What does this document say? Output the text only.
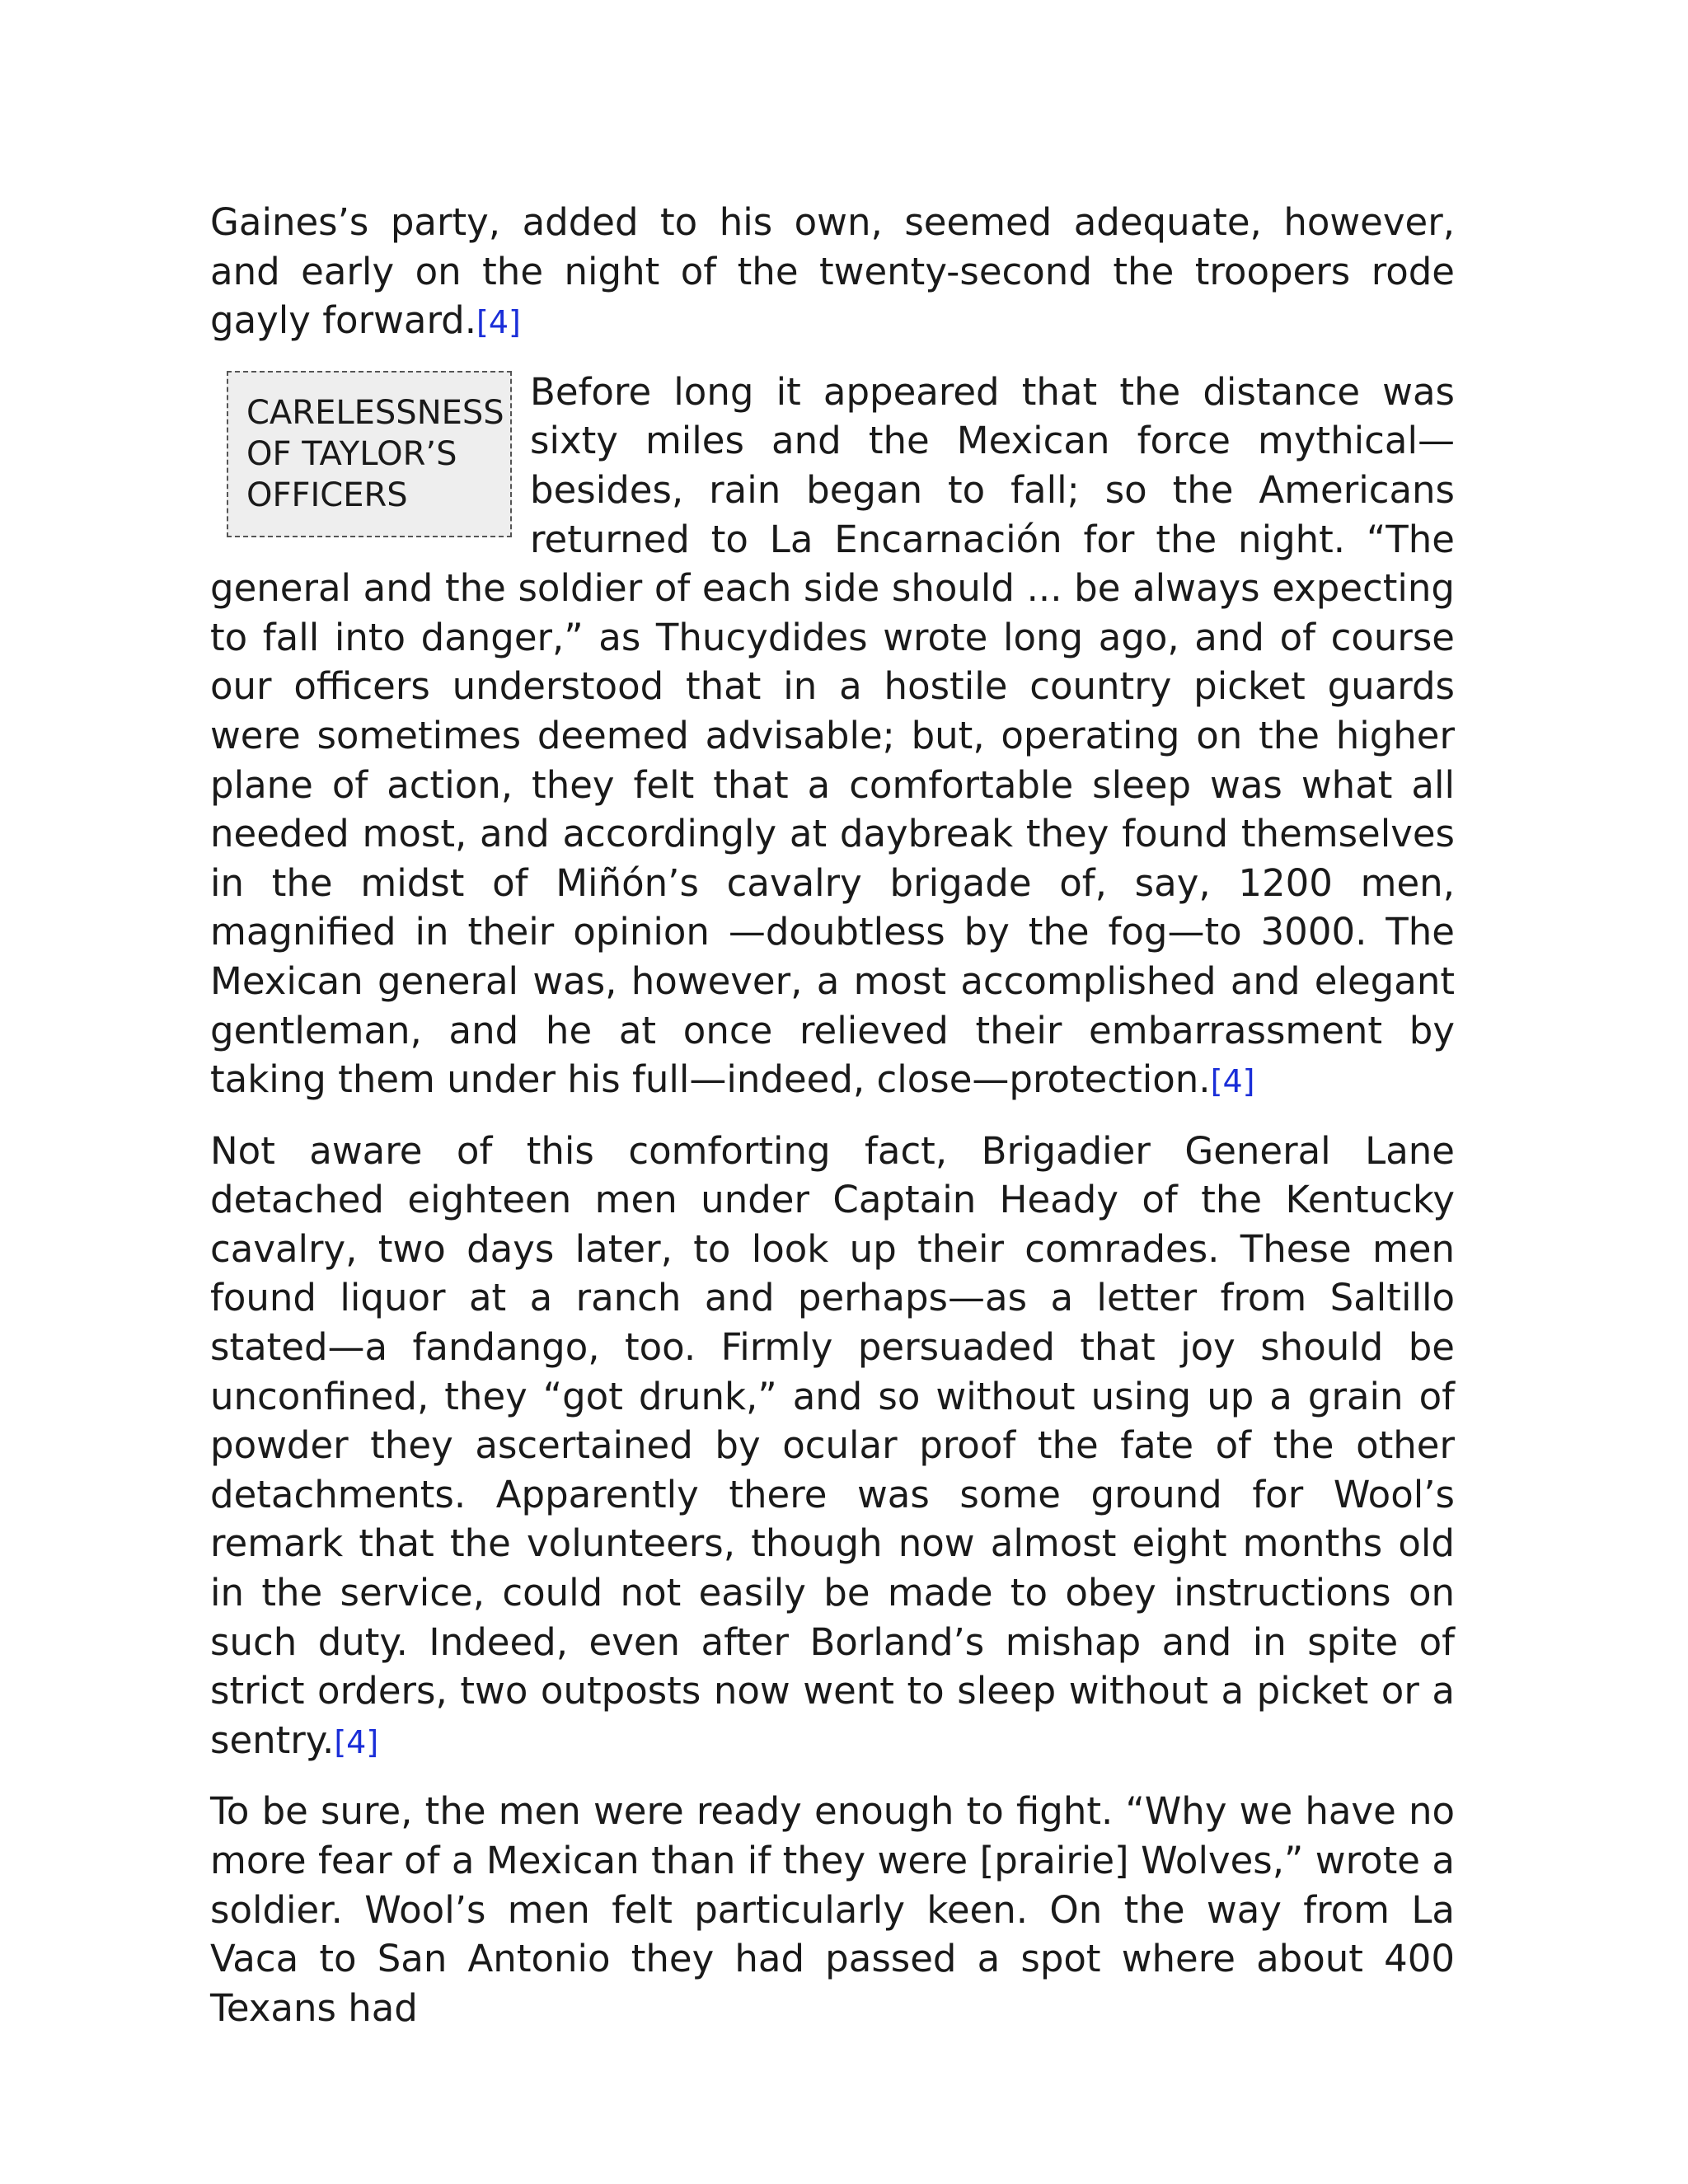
Gaines’s party, added to his own, seemed adequate, however, and early on the night of the twenty-second the troopers rode gayly forward.[4]

CARELESSNESS
OF TAYLOR’S
OFFICERS

Before long it appeared that the distance was sixty miles and the Mexican force mythical—besides, rain began to fall; so the Americans returned to La Encarnación for the night. “The general and the soldier of each side should ... be always expecting to fall into danger,” as Thucydides wrote long ago, and of course our officers understood that in a hostile country picket guards were sometimes deemed advisable; but, operating on the higher plane of action, they felt that a comfortable sleep was what all needed most, and accordingly at daybreak they found themselves in the midst of Miñón’s cavalry brigade of, say, 1200 men, magnified in their opinion —doubtless by the fog—to 3000. The Mexican general was, however, a most accomplished and elegant gentleman, and he at once relieved their embarrassment by taking them under his full—indeed, close—protection.[4]

Not aware of this comforting fact, Brigadier General Lane detached eighteen men under Captain Heady of the Kentucky cavalry, two days later, to look up their comrades. These men found liquor at a ranch and perhaps—as a letter from Saltillo stated—a fandango, too. Firmly persuaded that joy should be unconfined, they “got drunk,” and so without using up a grain of powder they ascertained by ocular proof the fate of the other detachments. Apparently there was some ground for Wool’s remark that the volunteers, though now almost eight months old in the service, could not easily be made to obey instructions on such duty. Indeed, even after Borland’s mishap and in spite of strict orders, two outposts now went to sleep without a picket or a sentry.[4]

To be sure, the men were ready enough to fight. “Why we have no more fear of a Mexican than if they were [prairie] Wolves,” wrote a soldier. Wool’s men felt particularly keen. On the way from La Vaca to San Antonio they had passed a spot where about 400 Texans had
